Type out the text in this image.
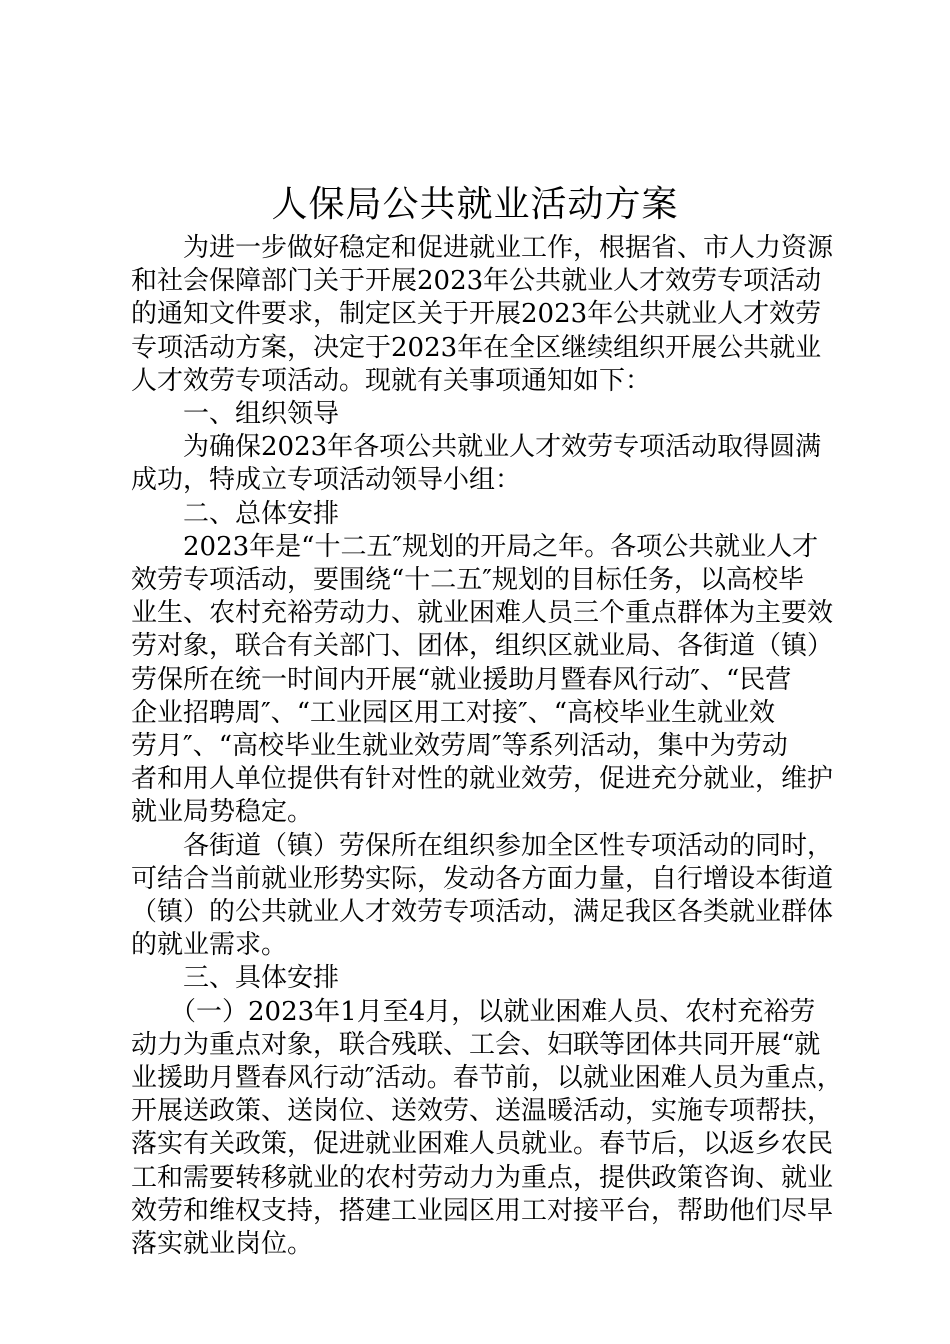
人保局公共就业活动方案

　　为进一步做好稳定和促进就业工作，根据省、市人力资源
和社会保障部门关于开展2023年公共就业人才效劳专项活动
的通知文件要求，制定区关于开展2023年公共就业人才效劳
专项活动方案，决定于2023年在全区继续组织开展公共就业
人才效劳专项活动。现就有关事项通知如下：

　　一、组织领导

　　为确保2023年各项公共就业人才效劳专项活动取得圆满
成功，特成立专项活动领导小组：

　　二、总体安排

　　2023年是“十二五″规划的开局之年。各项公共就业人才
效劳专项活动，要围绕“十二五″规划的目标任务，以高校毕
业生、农村充裕劳动力、就业困难人员三个重点群体为主要效
劳对象，联合有关部门、团体，组织区就业局、各街道（镇）
劳保所在统一时间内开展“就业援助月暨春风行动″、“民营
企业招聘周″、“工业园区用工对接″、“高校毕业生就业效
劳月″、“高校毕业生就业效劳周″等系列活动，集中为劳动
者和用人单位提供有针对性的就业效劳，促进充分就业，维护
就业局势稳定。

　　各街道（镇）劳保所在组织参加全区性专项活动的同时，
可结合当前就业形势实际，发动各方面力量，自行增设本街道
（镇）的公共就业人才效劳专项活动，满足我区各类就业群体
的就业需求。

　　三、具体安排

　　（一）2023年1月至4月，以就业困难人员、农村充裕劳
动力为重点对象，联合残联、工会、妇联等团体共同开展“就
业援助月暨春风行动″活动。春节前，以就业困难人员为重点，
开展送政策、送岗位、送效劳、送温暖活动，实施专项帮扶，
落实有关政策，促进就业困难人员就业。春节后，以返乡农民
工和需要转移就业的农村劳动力为重点，提供政策咨询、就业
效劳和维权支持，搭建工业园区用工对接平台，帮助他们尽早
落实就业岗位。
